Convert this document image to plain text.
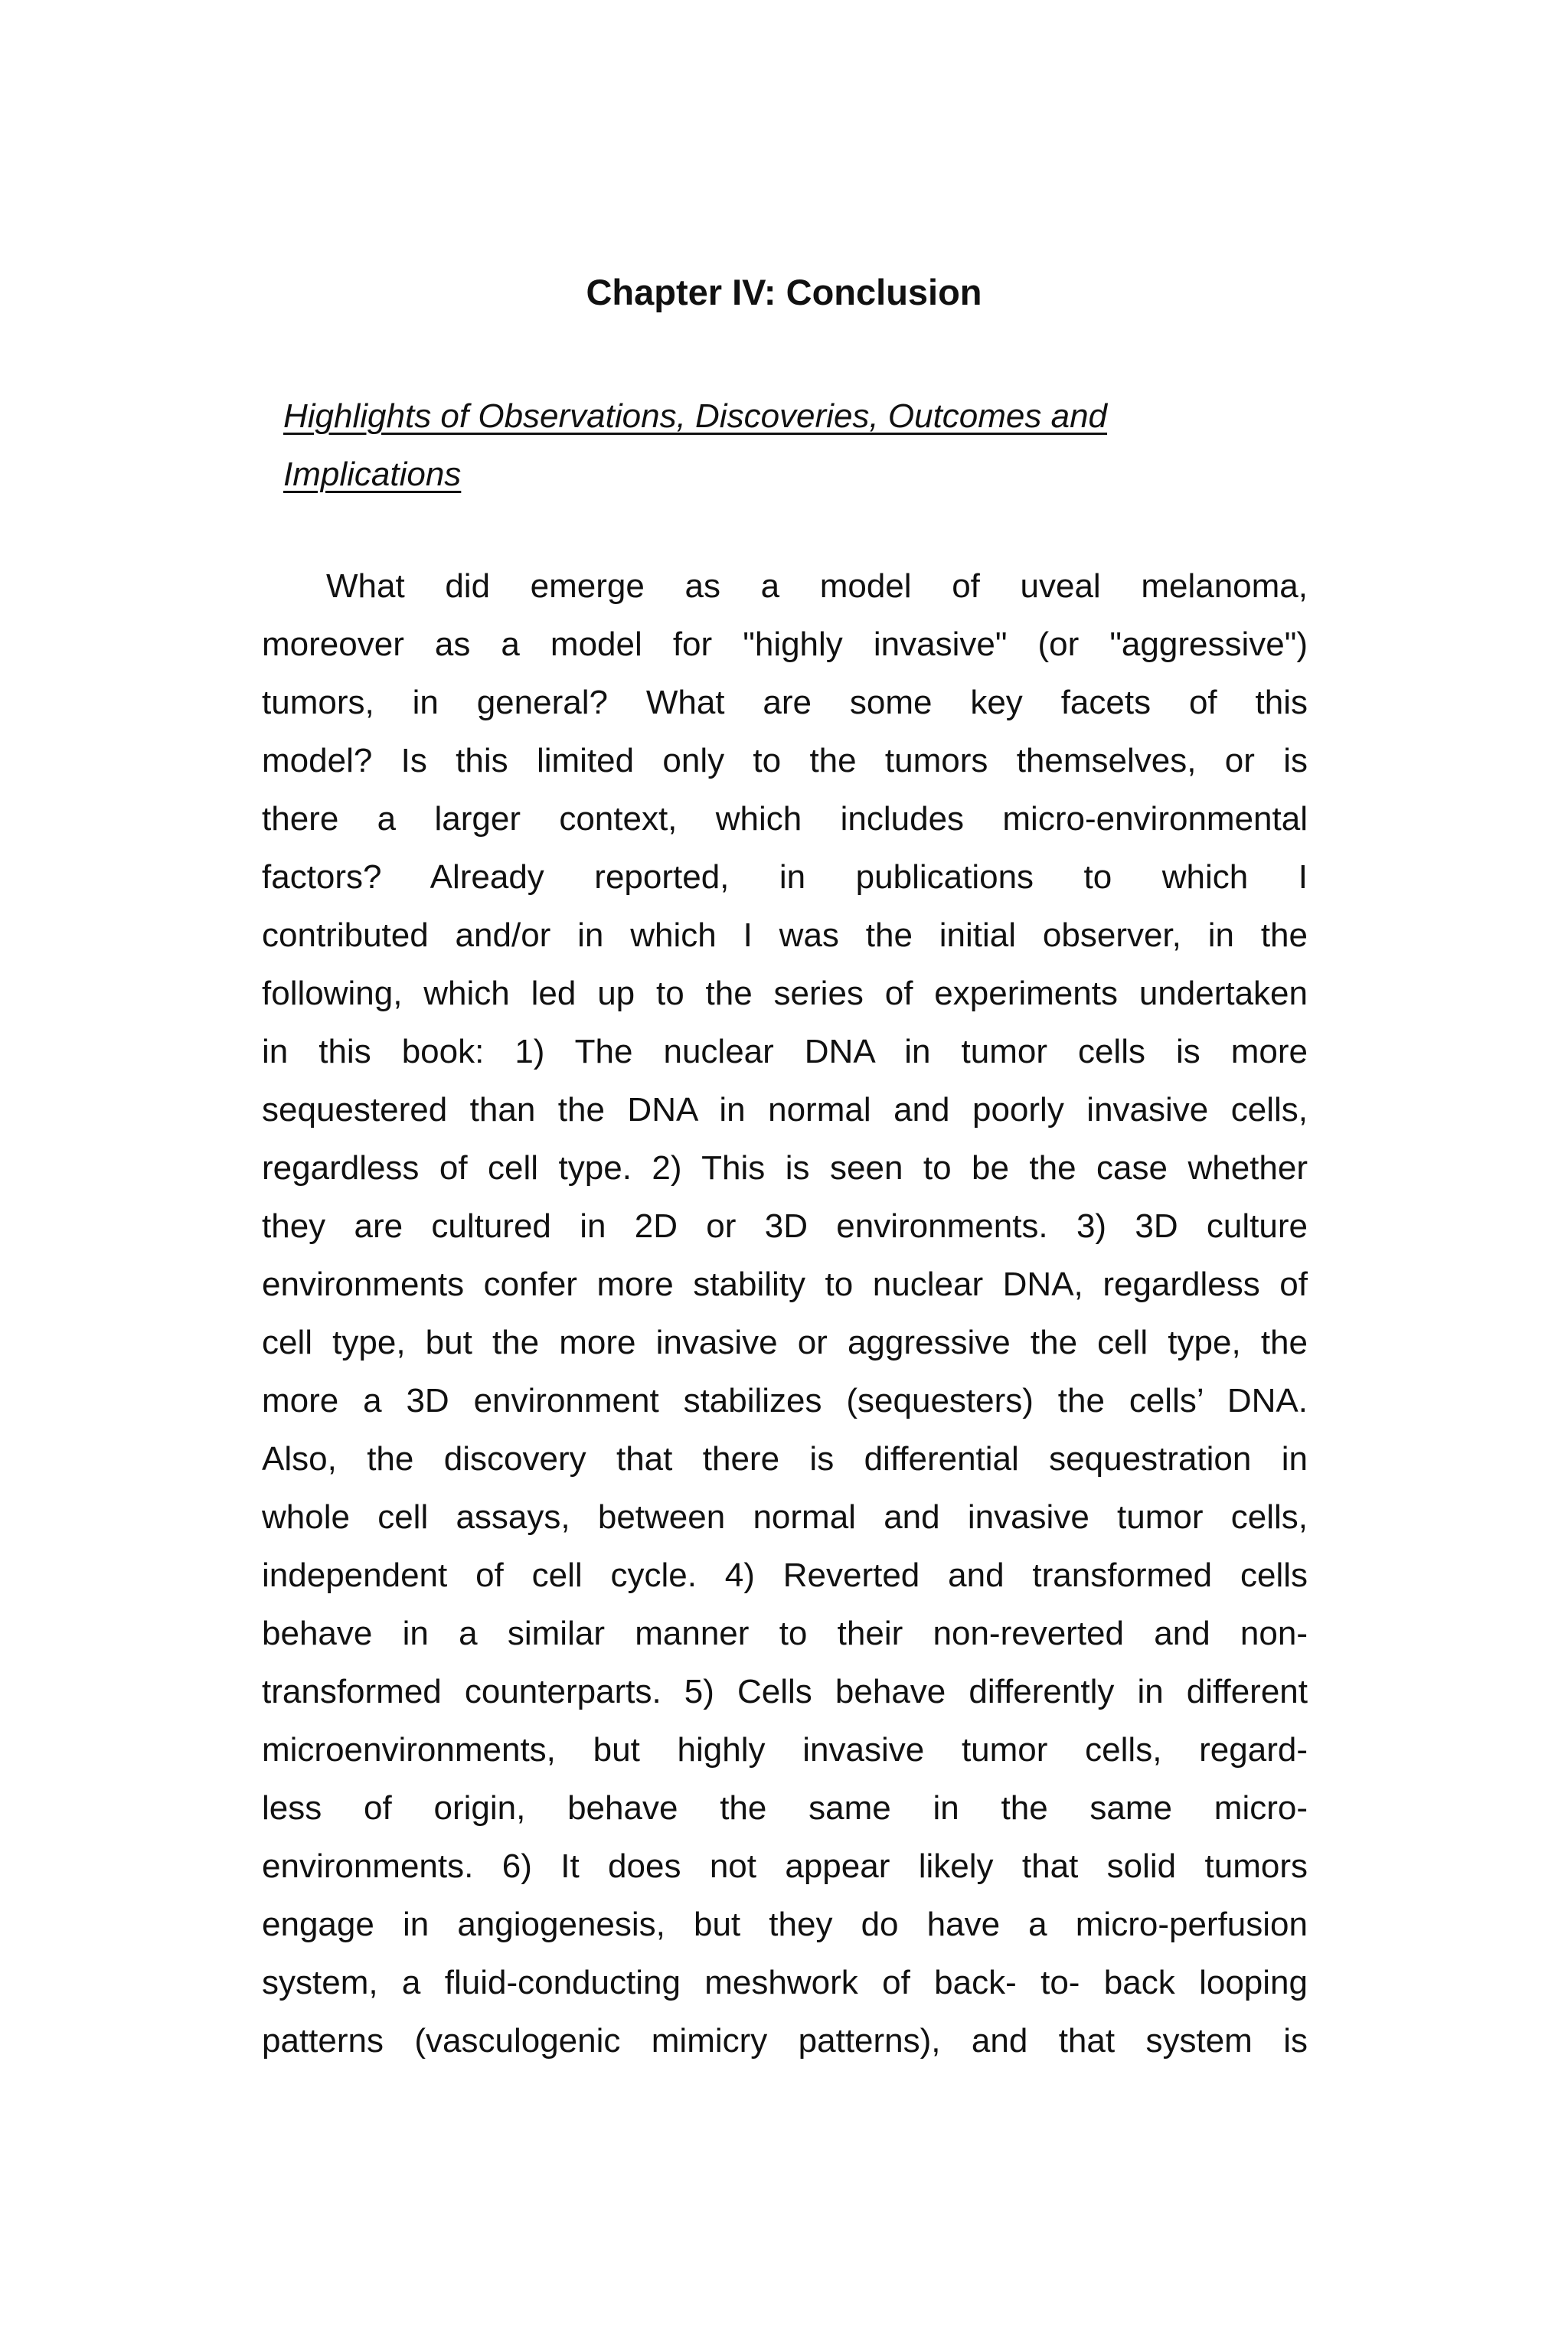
Chapter IV: Conclusion
Highlights of Observations, Discoveries, Outcomes and
Implications
What did emerge as a model of uveal melanoma,
moreover as a model for "highly invasive" (or "aggressive")
tumors, in general? What are some key facets of this
model? Is this limited only to the tumors themselves, or is
there a larger context, which includes micro-environmental
factors? Already reported, in publications to which I
contributed and/or in which I was the initial observer, in the
following, which led up to the series of experiments undertaken
in this book: 1) The nuclear DNA in tumor cells is more
sequestered than the DNA in normal and poorly invasive cells,
regardless of cell type. 2) This is seen to be the case whether
they are cultured in 2D or 3D environments. 3) 3D culture
environments confer more stability to nuclear DNA, regardless of
cell type, but the more invasive or aggressive the cell type, the
more a 3D environment stabilizes (sequesters) the cells’ DNA.
Also, the discovery that there is differential sequestration in
whole cell assays, between normal and invasive tumor cells,
independent of cell cycle. 4) Reverted and transformed cells
behave in a similar manner to their non-reverted and non-
transformed counterparts. 5) Cells behave differently in different
microenvironments, but highly invasive tumor cells, regard-
less of origin, behave the same in the same micro-
environments. 6) It does not appear likely that solid tumors
engage in angiogenesis, but they do have a micro-perfusion
system, a fluid-conducting meshwork of back- to- back looping
patterns (vasculogenic mimicry patterns), and that system is
